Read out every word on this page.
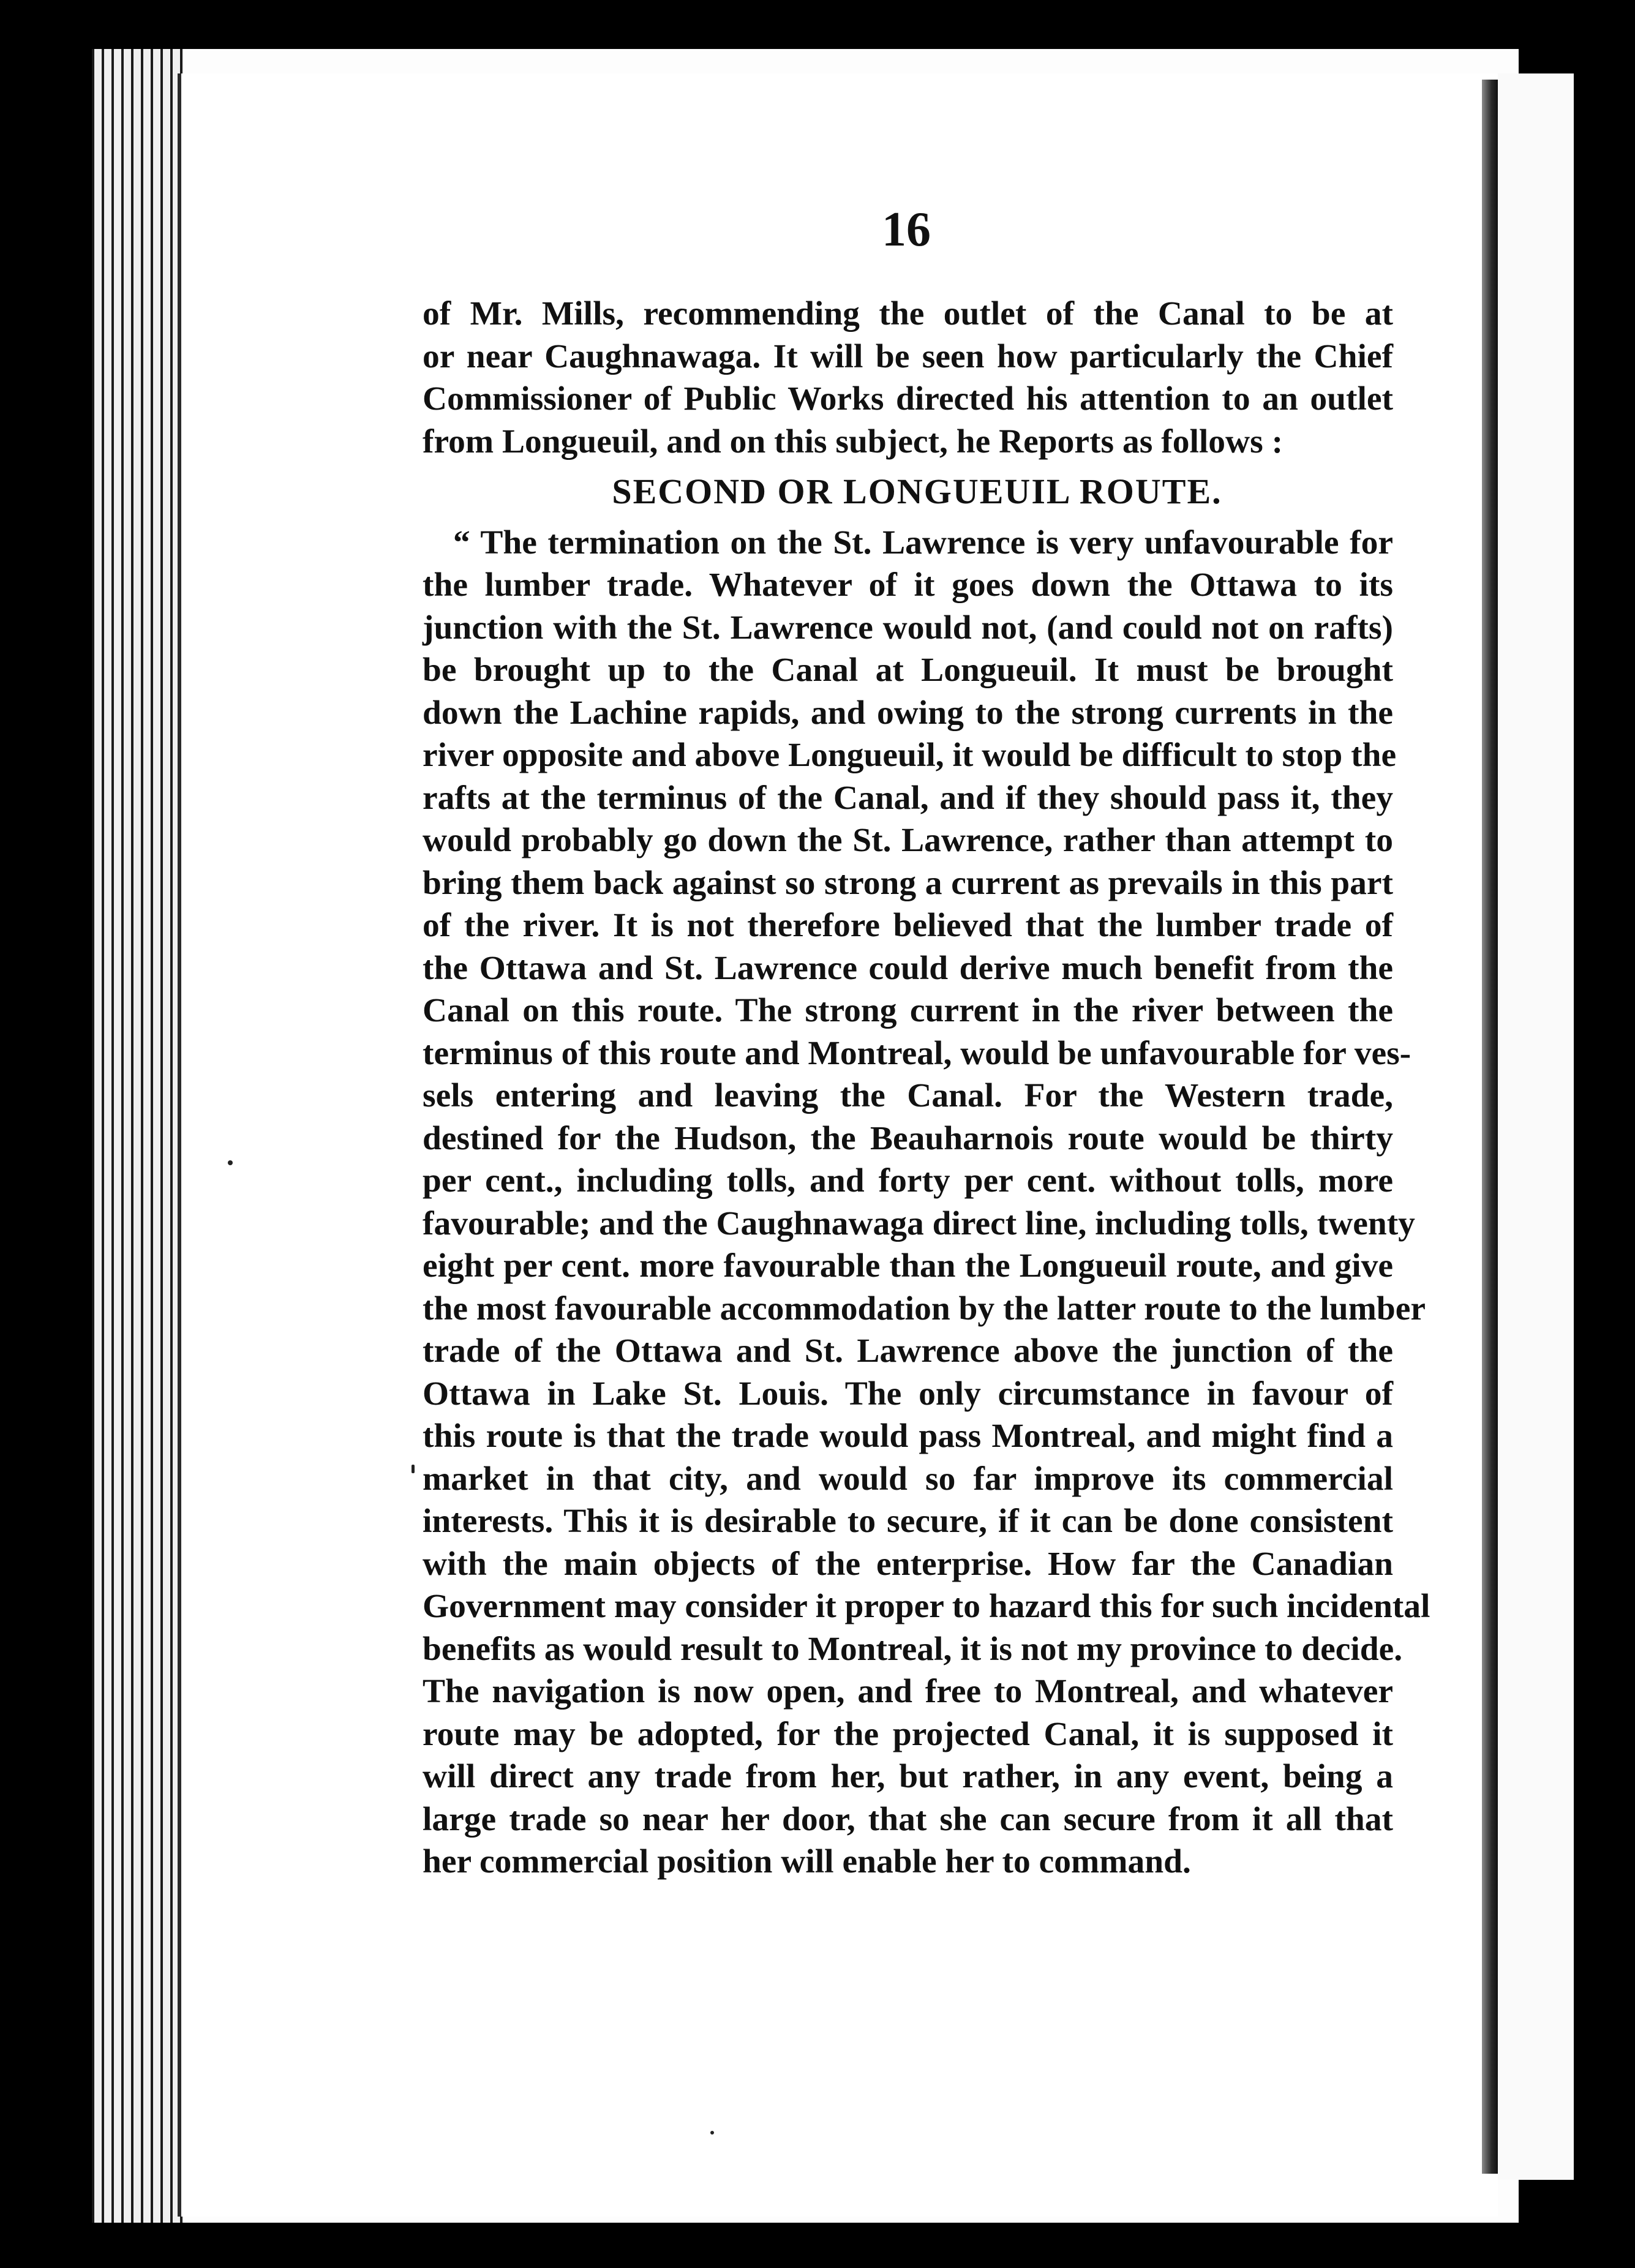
16
of Mr. Mills, recommending the outlet of the Canal to be at
or near Caughnawaga. It will be seen how particularly the Chief
Commissioner of Public Works directed his attention to an outlet
from Longueuil, and on this subject, he Reports as follows :
SECOND OR LONGUEUIL ROUTE.
“ The termination on the St. Lawrence is very unfavourable for
the lumber trade. Whatever of it goes down the Ottawa to its
junction with the St. Lawrence would not, (and could not on rafts)
be brought up to the Canal at Longueuil. It must be brought
down the Lachine rapids, and owing to the strong currents in the
river opposite and above Longueuil, it would be difficult to stop the
rafts at the terminus of the Canal, and if they should pass it, they
would probably go down the St. Lawrence, rather than attempt to
bring them back against so strong a current as prevails in this part
of the river. It is not therefore believed that the lumber trade of
the Ottawa and St. Lawrence could derive much benefit from the
Canal on this route. The strong current in the river between the
terminus of this route and Montreal, would be unfavourable for ves-
sels entering and leaving the Canal. For the Western trade,
destined for the Hudson, the Beauharnois route would be thirty
per cent., including tolls, and forty per cent. without tolls, more
favourable; and the Caughnawaga direct line, including tolls, twenty
eight per cent. more favourable than the Longueuil route, and give
the most favourable accommodation by the latter route to the lumber
trade of the Ottawa and St. Lawrence above the junction of the
Ottawa in Lake St. Louis. The only circumstance in favour of
this route is that the trade would pass Montreal, and might find a
market in that city, and would so far improve its commercial
interests. This it is desirable to secure, if it can be done consistent
with the main objects of the enterprise. How far the Canadian
Government may consider it proper to hazard this for such incidental
benefits as would result to Montreal, it is not my province to decide.
The navigation is now open, and free to Montreal, and whatever
route may be adopted, for the projected Canal, it is supposed it
will direct any trade from her, but rather, in any event, being a
large trade so near her door, that she can secure from it all that
her commercial position will enable her to command.
